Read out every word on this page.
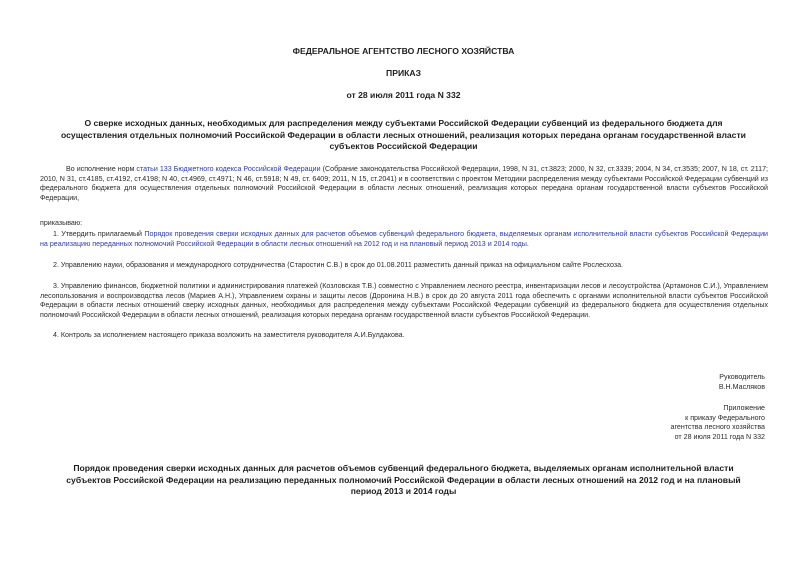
ФЕДЕРАЛЬНОЕ АГЕНТСТВО ЛЕСНОГО ХОЗЯЙСТВА
ПРИКАЗ
от 28 июля 2011 года N 332
О сверке исходных данных, необходимых для распределения между субъектами Российской Федерации субвенций из федерального бюджета для
осуществления отдельных полномочий Российской Федерации в области лесных отношений, реализация которых передана органам государственной власти
субъектов Российской Федерации
Во исполнение норм статьи 133 Бюджетного кодекса Российской Федерации (Собрание законодательства Российской Федерации, 1998, N 31, ст.3823; 2000, N 32, ст.3339; 2004, N 34, ст.3535; 2007, N 18, ст. 2117; 2010, N 31, ст.4185, ст.4192, ст.4198; N 40, ст.4969, ст.4971; N 46, ст.5918; N 49, ст. 6409; 2011, N 15, ст.2041) и в соответствии с проектом Методики распределения между субъектами Российской Федерации субвенций из федерального бюджета для осуществления отдельных полномочий Российской Федерации в области лесных отношений, реализация которых передана органам государственной власти субъектов Российской Федерации,
приказываю:
1. Утвердить прилагаемый Порядок проведения сверки исходных данных для расчетов объемов субвенций федерального бюджета, выделяемых органам исполнительной власти субъектов Российской Федерации на реализацию переданных полномочий Российской Федерации в области лесных отношений на 2012 год и на плановый период 2013 и 2014 годы.
2. Управлению науки, образования и международного сотрудничества (Старостин С.В.) в срок до 01.08.2011 разместить данный приказ на официальном сайте Рослесхоза.
3. Управлению финансов, бюджетной политики и администрирования платежей (Козловская Т.В.) совместно с Управлением лесного реестра, инвентаризации лесов и лесоустройства (Артамонов С.И.), Управлением лесопользования и воспроизводства лесов (Мариев А.Н.), Управлением охраны и защиты лесов (Доронина Н.В.) в срок до 20 августа 2011 года обеспечить с органами исполнительной власти субъектов Российской Федерации в области лесных отношений сверку исходных данных, необходимых для распределения между субъектами Российской Федерации субвенций из федерального бюджета для осуществления отдельных полномочий Российской Федерации в области лесных отношений, реализация которых передана органам государственной власти субъектов Российской Федерации.
4. Контроль за исполнением настоящего приказа возложить на заместителя руководителя А.И.Булдакова.
Руководитель
В.Н.Масляков
Приложение
к приказу Федерального
агентства лесного хозяйства
от 28 июля 2011 года N 332
Порядок проведения сверки исходных данных для расчетов объемов субвенций федерального бюджета, выделяемых органам исполнительной власти
субъектов Российской Федерации на реализацию переданных полномочий Российской Федерации в области лесных отношений на 2012 год и на плановый
период 2013 и 2014 годы
